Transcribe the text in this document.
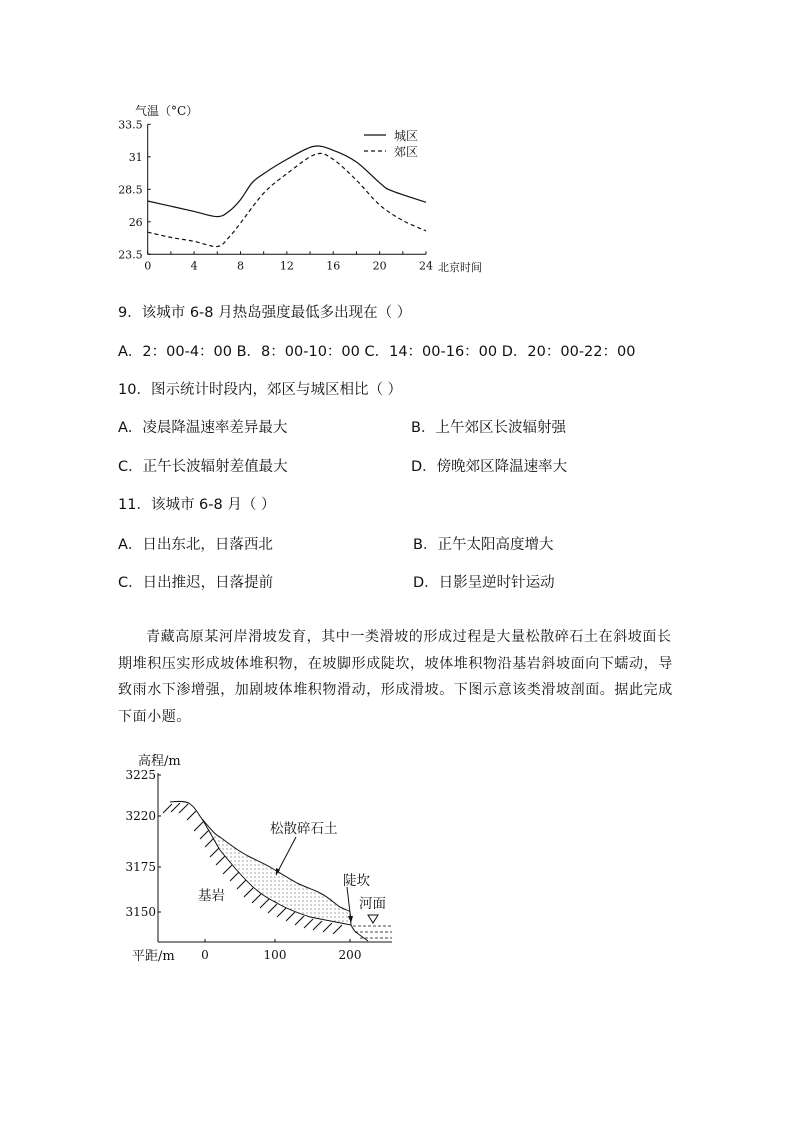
气温（°C）
23.5
26
28.5
31
33.5
0	4	8	12	16	20	24
城区
郊区
北京时间
9．该城市 6-8 月热岛强度最低多出现在（ ）
A．2：00-4：00 B．8：00-10：00 C．14：00-16：00 D．20：00-22：00
10．图示统计时段内，郊区与城区相比（ ）
A．凌晨降温速率差异最大	B．上午郊区长波辐射强
C．正午长波辐射差值最大	D．傍晚郊区降温速率大
11．该城市 6-8 月（ ）
A．日出东北，日落西北	B．正午太阳高度增大
C．日出推迟，日落提前	D．日影呈逆时针运动
青藏高原某河岸滑坡发育，其中一类滑坡的形成过程是大量松散碎石土在斜坡面长期堆积压实形成坡体堆积物，在坡脚形成陡坎，坡体堆积物沿基岩斜坡面向下蠕动，导致雨水下渗增强，加剧坡体堆积物滑动，形成滑坡。下图示意该类滑坡剖面。据此完成下面小题。
高程/m
3225
3220
3175
3150
平距/m 0	100	200
松散碎石土
基岩
陡坎
河面
